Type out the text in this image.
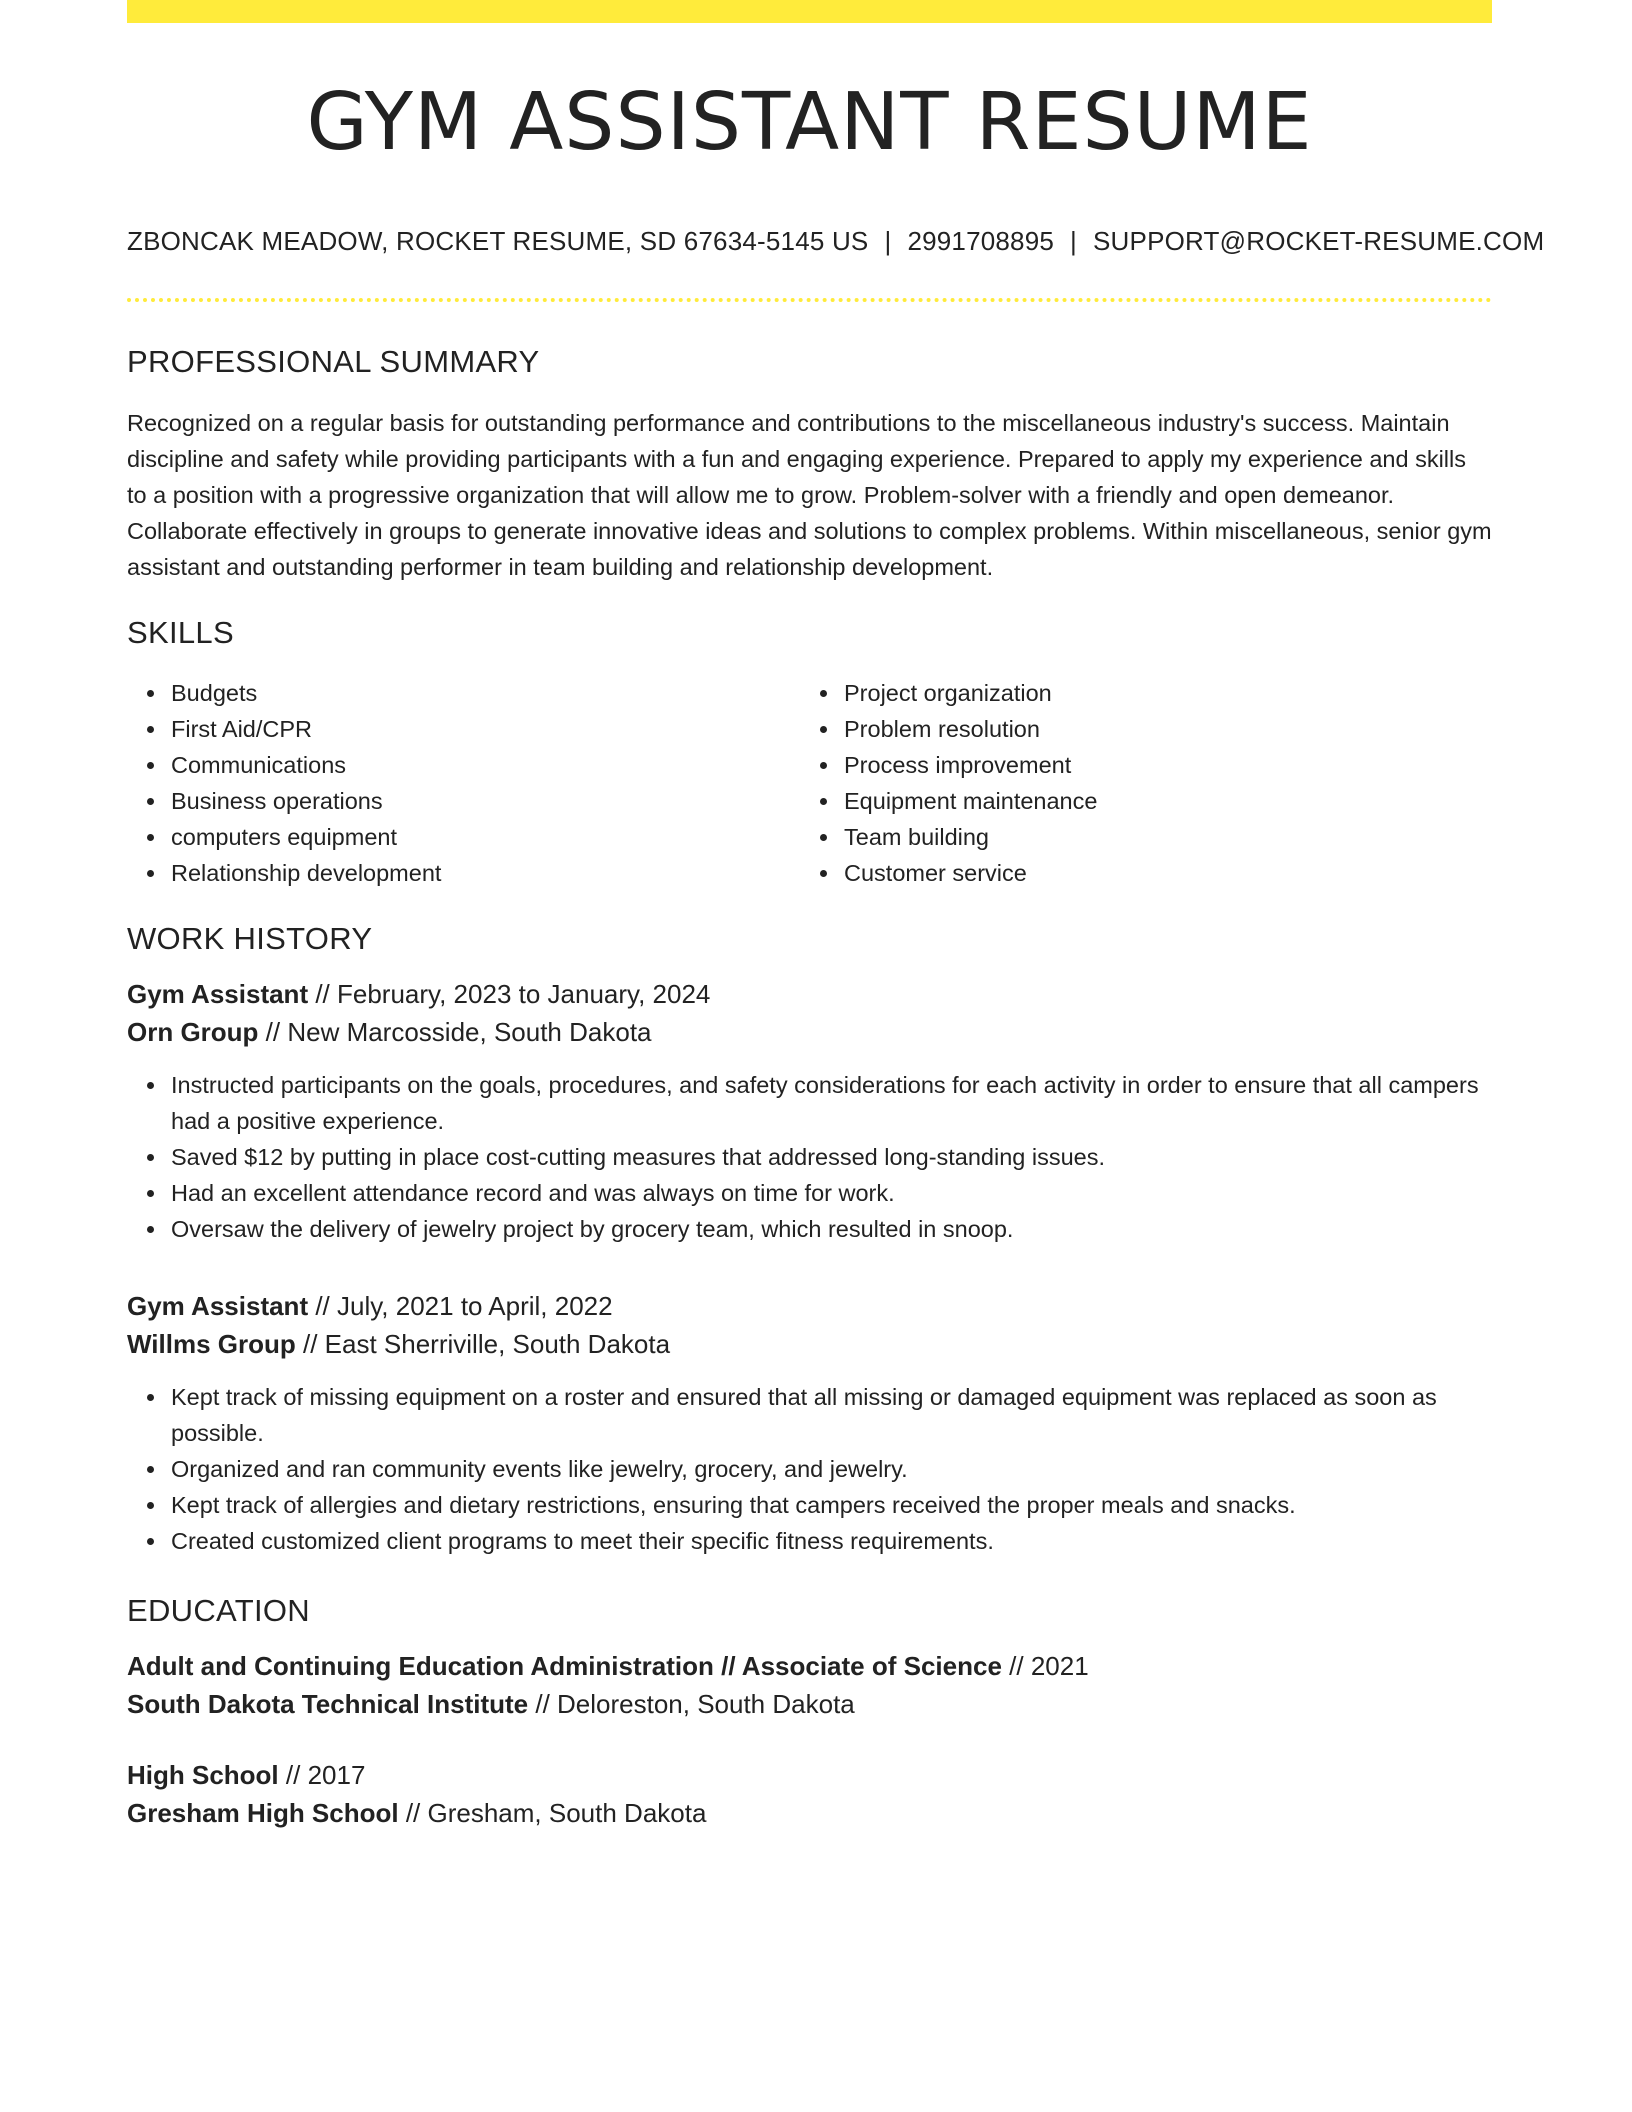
GYM ASSISTANT RESUME
ZBONCAK MEADOW, ROCKET RESUME, SD 67634-5145 US | 2991708895 | SUPPORT@ROCKET-RESUME.COM
PROFESSIONAL SUMMARY

Recognized on a regular basis for outstanding performance and contributions to the miscellaneous industry's success. Maintain discipline and safety while providing participants with a fun and engaging experience. Prepared to apply my experience and skills to a position with a progressive organization that will allow me to grow. Problem-solver with a friendly and open demeanor. Collaborate effectively in groups to generate innovative ideas and solutions to complex problems. Within miscellaneous, senior gym assistant and outstanding performer in team building and relationship development.

SKILLS
Budgets
First Aid/CPR
Communications
Business operations
computers equipment
Relationship development
Project organization
Problem resolution
Process improvement
Equipment maintenance
Team building
Customer service
WORK HISTORY
Gym Assistant // February, 2023 to January, 2024
Orn Group // New Marcosside, South Dakota
Instructed participants on the goals, procedures, and safety considerations for each activity in order to ensure that all campers had a positive experience.
Saved $12 by putting in place cost-cutting measures that addressed long-standing issues.
Had an excellent attendance record and was always on time for work.
Oversaw the delivery of jewelry project by grocery team, which resulted in snoop.
Gym Assistant // July, 2021 to April, 2022
Willms Group // East Sherriville, South Dakota
Kept track of missing equipment on a roster and ensured that all missing or damaged equipment was replaced as soon as possible.
Organized and ran community events like jewelry, grocery, and jewelry.
Kept track of allergies and dietary restrictions, ensuring that campers received the proper meals and snacks.
Created customized client programs to meet their specific fitness requirements.
EDUCATION
Adult and Continuing Education Administration // Associate of Science // 2021
South Dakota Technical Institute // Deloreston, South Dakota
High School // 2017
Gresham High School // Gresham, South Dakota
